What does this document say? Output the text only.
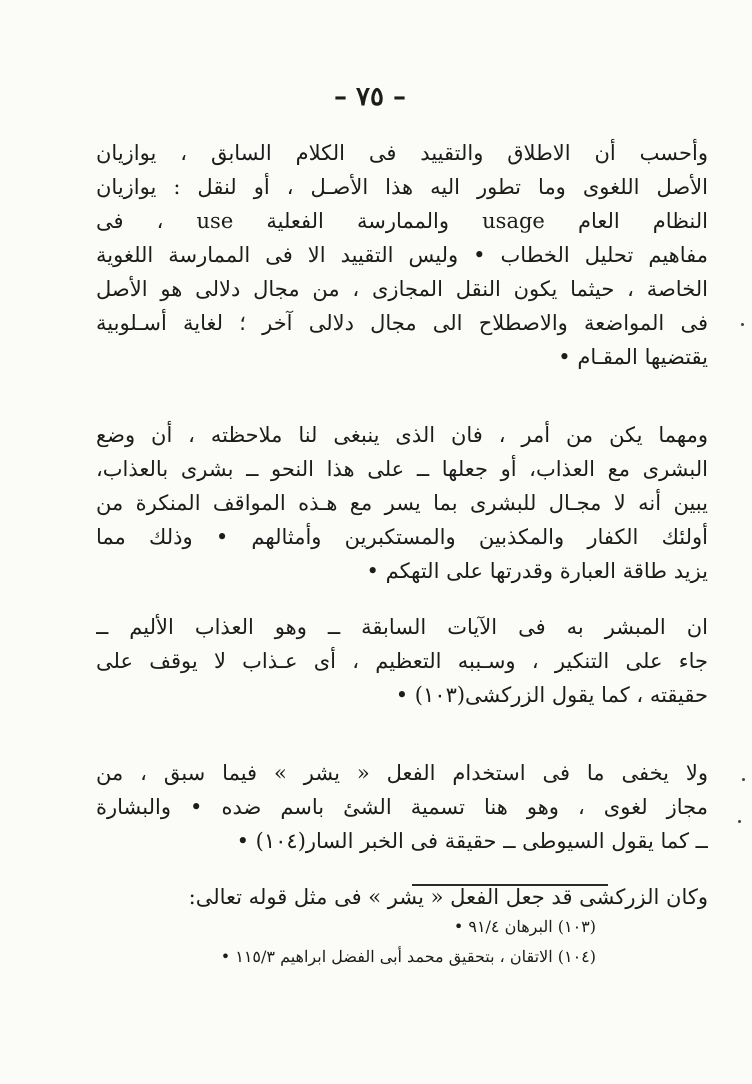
– ٧٥ –
وأحسب أن الاطلاق والتقييد فى الكلام السابق ، يوازيان
الأصل اللغوى وما تطور اليه هذا الأصـل ، أو لنقل : يوازيان
النظام العام usage والممارسة الفعلية use ، فى
مفاهيم تحليل الخطاب • وليس التقييد الا فى الممارسة اللغوية
الخاصة ، حيثما يكون النقل المجازى ، من مجال دلالى هو الأصل
فى المواضعة والاصطلاح الى مجال دلالى آخر ؛ لغاية أسـلوبية
يقتضيها المقـام •
ومهما يكن من أمر ، فان الذى ينبغى لنا ملاحظته ، أن وضع
البشرى مع العذاب، أو جعلها ــ على هذا النحو ــ بشرى بالعذاب،
يبين أنه لا مجـال للبشرى بما يسر مع هـذه المواقف المنكرة من
أولئك الكفار والمكذبين والمستكبرين وأمثالهم • وذلك مما
يزيد طاقة العبارة وقدرتها على التهكم •
ان المبشر به فى الآيات السابقة ــ وهو العذاب الأليم ــ
جاء على التنكير ، وسـببه التعظيم ، أى عـذاب لا يوقف على
حقيقته ، كما يقول الزركشى(١٠٣) •
ولا يخفى ما فى استخدام الفعل « يشر » فيما سبق ، من
مجاز لغوى ، وهو هنا تسمية الشئ باسم ضده • والبشارة
ــ كما يقول السيوطى ــ حقيقة فى الخبر السار(١٠٤) •
وكان الزركشى قد جعل الفعل « يشر » فى مثل قوله تعالى:
(١٠٣) البرهان ٩١/٤ •
(١٠٤) الاتقان ، بتحقيق محمد أبى الفضل ابراهيم ١١٥/٣ •
